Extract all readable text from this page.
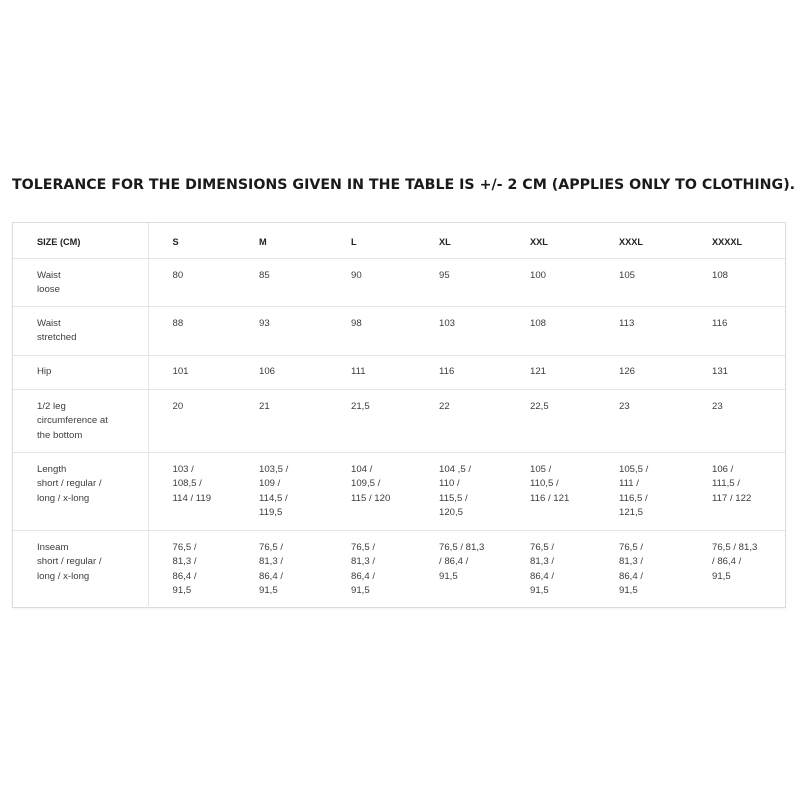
TOLERANCE FOR THE DIMENSIONS GIVEN IN THE TABLE IS +/- 2 CM (APPLIES ONLY TO CLOTHING).
SIZE (CM)	S	M	L	XL	XXL	XXXL	XXXXL

Waist
loose	80	85	90	95	100	105	108

Waist
stretched	88	93	98	103	108	113	116

Hip	101	106	111	116	121	126	131

1/2 leg
circumference at
the bottom	20	21	21,5	22	22,5	23	23

Length
short / regular /
long / x-long	103 /
108,5 /
114 / 119	103,5 /
109 /
114,5 /
119,5	104 /
109,5 /
115 / 120	104 ,5 /
110 /
115,5 /
120,5	105 /
110,5 /
116 / 121	105,5 /
111 /
116,5 /
121,5	106 /
111,5 /
117 / 122

Inseam
short / regular /
long / x-long	76,5 /
81,3 /
86,4 /
91,5	76,5 /
81,3 /
86,4 /
91,5	76,5 /
81,3 /
86,4 /
91,5	76,5 / 81,3
/ 86,4 /
91,5	76,5 /
81,3 /
86,4 /
91,5	76,5 /
81,3 /
86,4 /
91,5	76,5 / 81,3
/ 86,4 /
91,5
